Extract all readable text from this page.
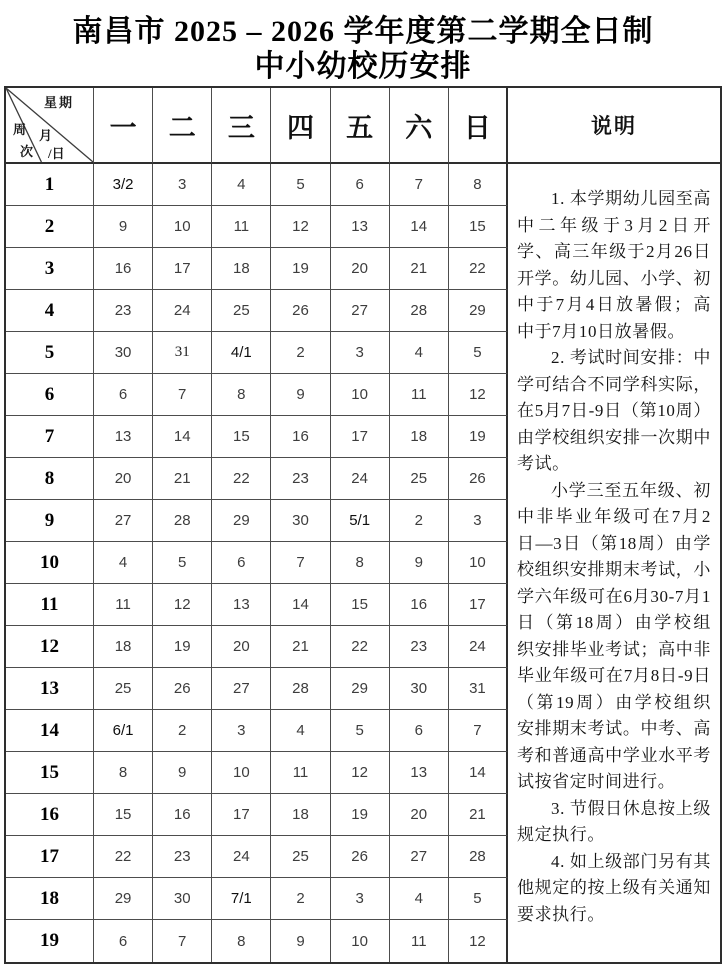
南昌市 2025 – 2026 学年度第二学期全日制
中小幼校历安排
星期
周
次
月
/日
一	二	三	四	五	六	日	说明

1. 本学期幼儿园至高中二年级于3月2日开学、高三年级于2月26日开学。幼儿园、小学、初中于7月4日放暑假；高中于7月10日放暑假。

2. 考试时间安排：中学可结合不同学科实际，在5月7日-9日（第10周）由学校组织安排一次期中考试。

小学三至五年级、初中非毕业年级可在7月2日—3日（第18周）由学校组织安排期末考试，小学六年级可在6月30-7月1日（第18周）由学校组织安排毕业考试；高中非毕业年级可在7月8日-9日（第19周）由学校组织安排期末考试。中考、高考和普通高中学业水平考试按省定时间进行。

3. 节假日休息按上级规定执行。

4. 如上级部门另有其他规定的按上级有关通知要求执行。

1	3/2	3	4	5	6	7	8
2	9	10	11	12	13	14	15
3	16	17	18	19	20	21	22
4	23	24	25	26	27	28	29
5	30	31	4/1	2	3	4	5
6	6	7	8	9	10	11	12
7	13	14	15	16	17	18	19
8	20	21	22	23	24	25	26
9	27	28	29	30	5/1	2	3
10	4	5	6	7	8	9	10
11	11	12	13	14	15	16	17
12	18	19	20	21	22	23	24
13	25	26	27	28	29	30	31
14	6/1	2	3	4	5	6	7
15	8	9	10	11	12	13	14
16	15	16	17	18	19	20	21
17	22	23	24	25	26	27	28
18	29	30	7/1	2	3	4	5
19	6	7	8	9	10	11	12
